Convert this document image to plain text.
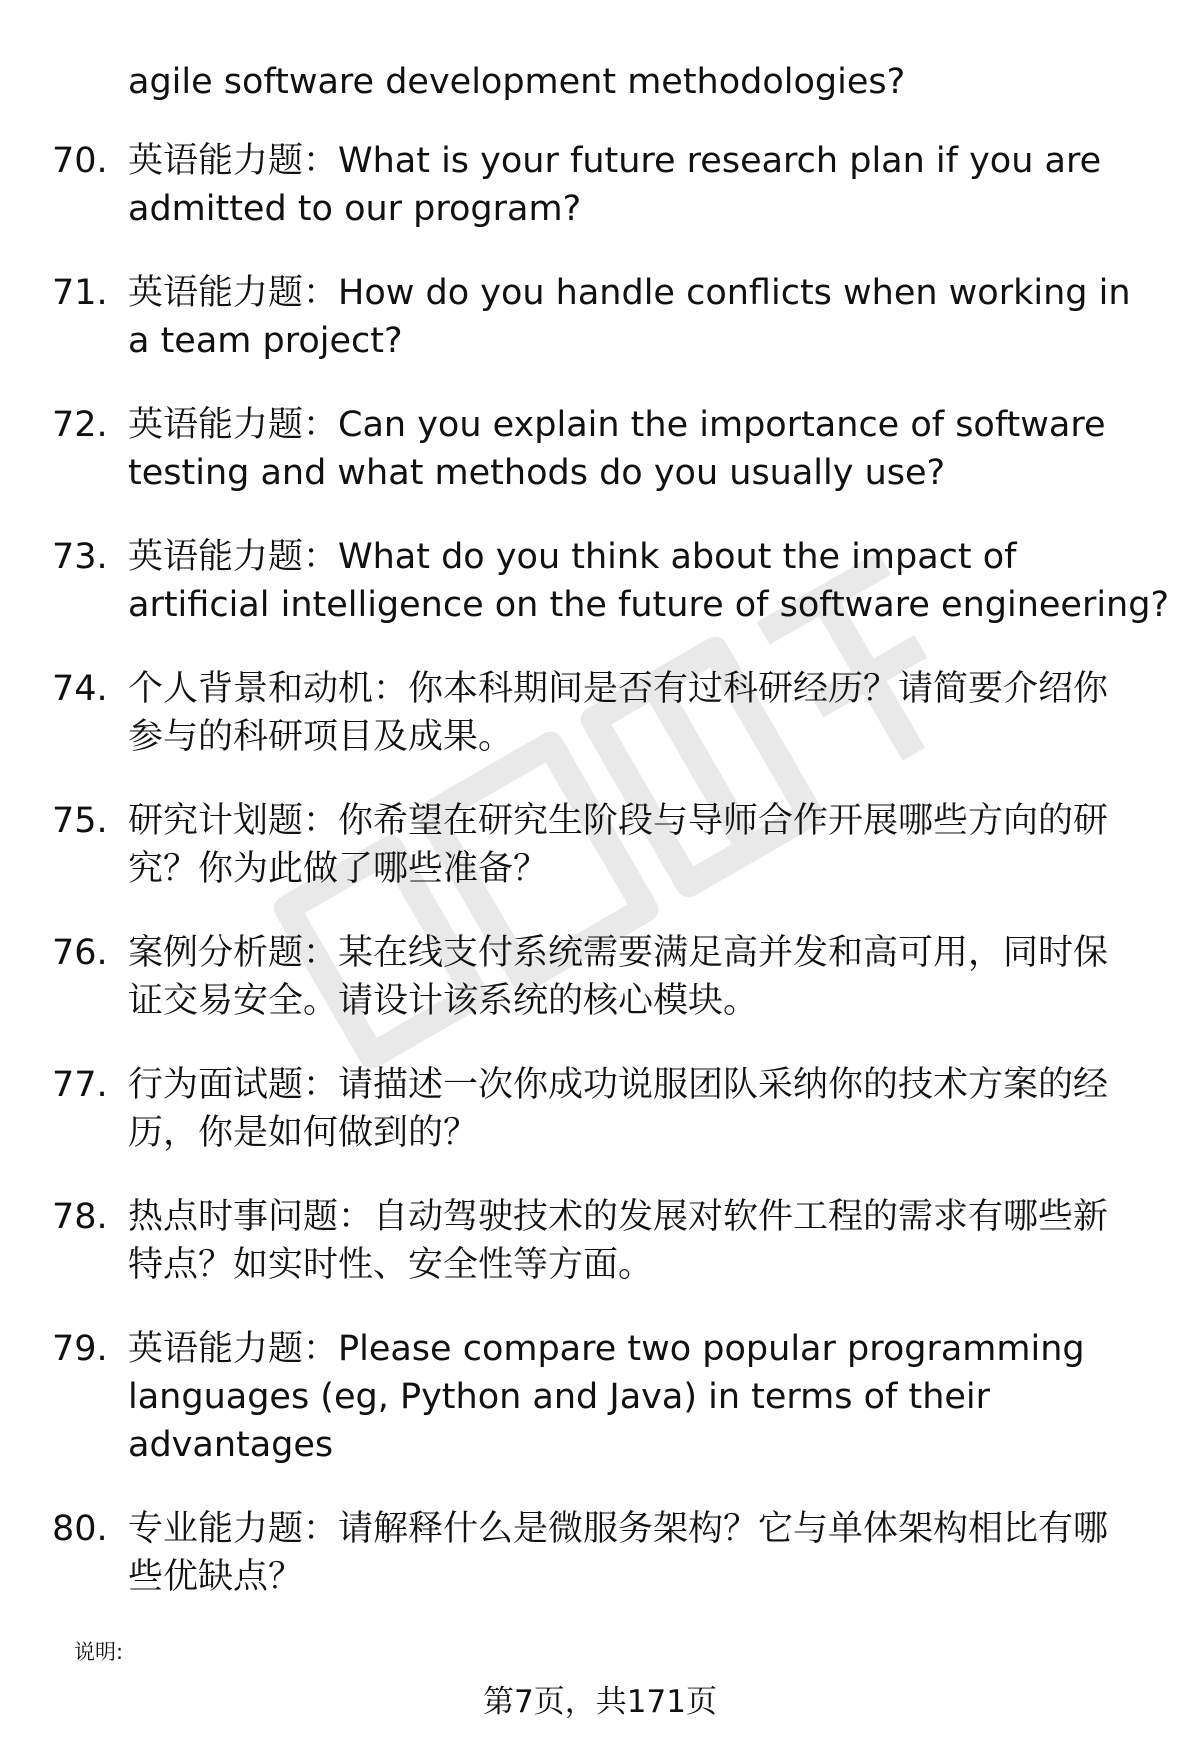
agile software development methodologies?
70. 英语能力题：What is your future research plan if you are
admitted to our program?
71. 英语能力题：How do you handle conflicts when working in
a team project?
72. 英语能力题：Can you explain the importance of software
testing and what methods do you usually use?
73. 英语能力题：What do you think about the impact of
artificial intelligence on the future of software engineering?
74. 个人背景和动机：你本科期间是否有过科研经历？请简要介绍你
参与的科研项目及成果。
75. 研究计划题：你希望在研究生阶段与导师合作开展哪些方向的研
究？你为此做了哪些准备？
76. 案例分析题：某在线支付系统需要满足高并发和高可用，同时保
证交易安全。请设计该系统的核心模块。
77. 行为面试题：请描述一次你成功说服团队采纳你的技术方案的经
历，你是如何做到的？
78. 热点时事问题：自动驾驶技术的发展对软件工程的需求有哪些新
特点？如实时性、安全性等方面。
79. 英语能力题：Please compare two popular programming
languages (eg, Python and Java) in terms of their
advantages
80. 专业能力题：请解释什么是微服务架构？它与单体架构相比有哪
些优缺点？
说明:
第7页，共171页
